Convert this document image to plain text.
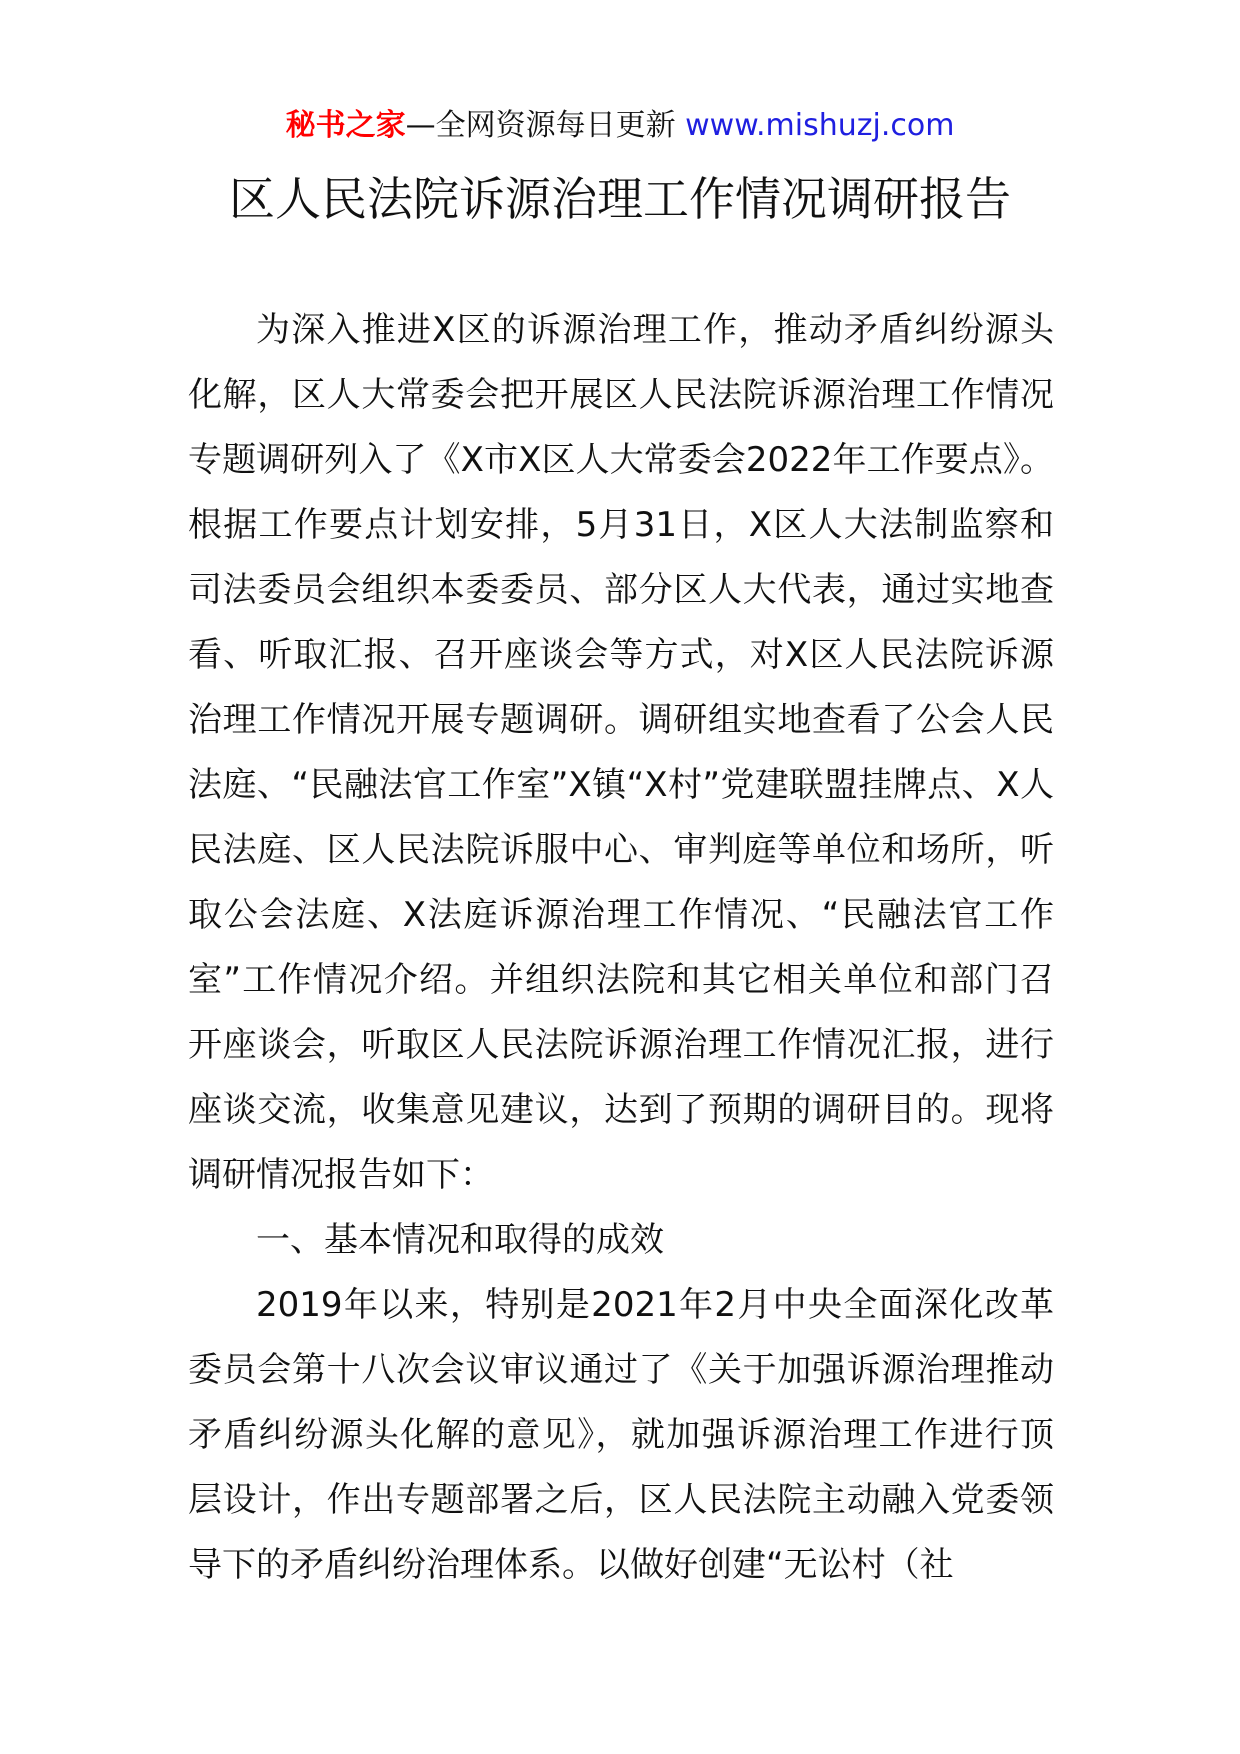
秘书之家—全网资源每日更新 www.mishuzj.com
区人民法院诉源治理工作情况调研报告

为深入推进X区的诉源治理工作，推动矛盾纠纷源头化解，区人大常委会把开展区人民法院诉源治理工作情况专题调研列入了《X市X区人大常委会2022年工作要点》。根据工作要点计划安排，5月31日，X区人大法制监察和司法委员会组织本委委员、部分区人大代表，通过实地查看、听取汇报、召开座谈会等方式，对X区人民法院诉源治理工作情况开展专题调研。调研组实地查看了公会人民法庭、“民融法官工作室”X镇“X村”党建联盟挂牌点、X人民法庭、区人民法院诉服中心、审判庭等单位和场所，听取公会法庭、X法庭诉源治理工作情况、“民融法官工作室”工作情况介绍。并组织法院和其它相关单位和部门召开座谈会，听取区人民法院诉源治理工作情况汇报，进行座谈交流，收集意见建议，达到了预期的调研目的。现将调研情况报告如下：

一、基本情况和取得的成效

2019年以来，特别是2021年2月中央全面深化改革委员会第十八次会议审议通过了《关于加强诉源治理推动矛盾纠纷源头化解的意见》，就加强诉源治理工作进行顶层设计，作出专题部署之后，区人民法院主动融入党委领导下的矛盾纠纷治理体系。以做好创建“无讼村（社
